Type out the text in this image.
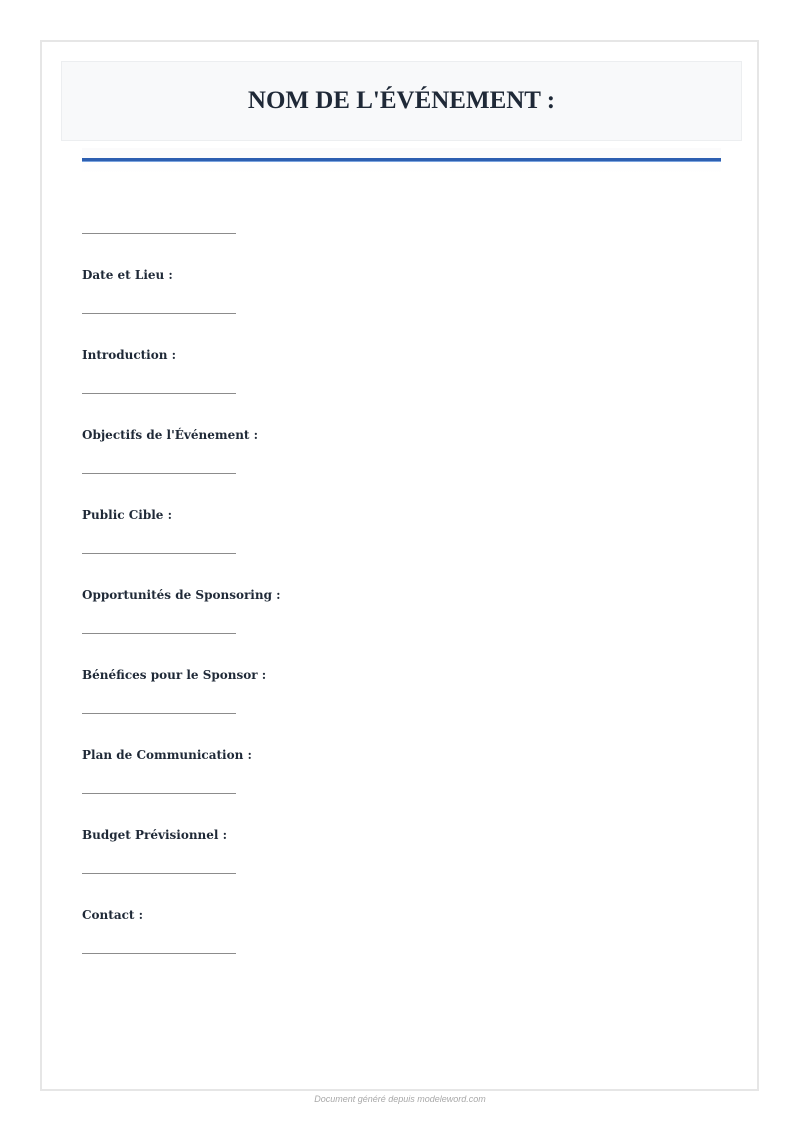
NOM DE L'ÉVÉNEMENT :
Date et Lieu :
Introduction :
Objectifs de l'Événement :
Public Cible :
Opportunités de Sponsoring :
Bénéfices pour le Sponsor :
Plan de Communication :
Budget Prévisionnel :
Contact :
Document généré depuis modeleword.com
